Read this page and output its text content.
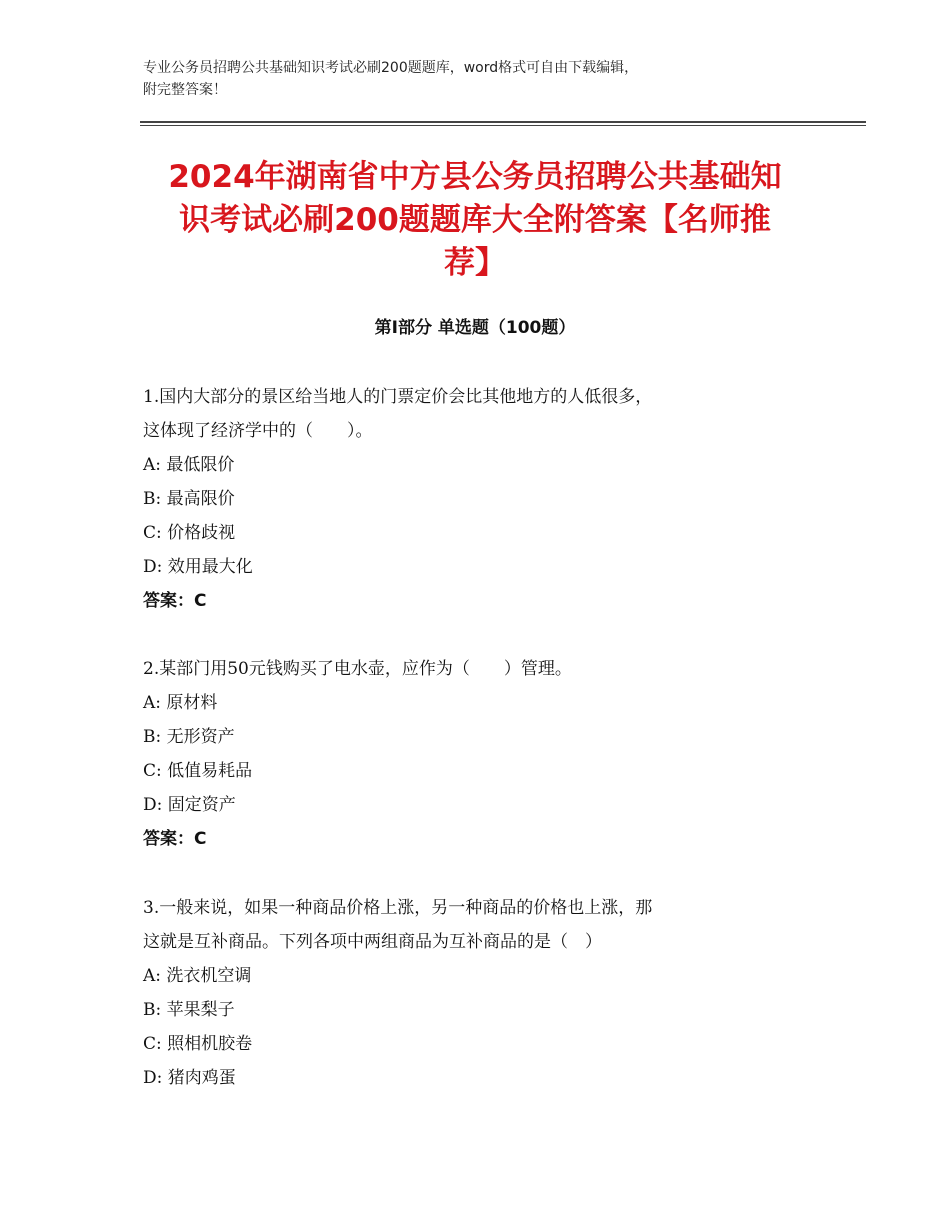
专业公务员招聘公共基础知识考试必刷200题题库，word格式可自由下载编辑，
附完整答案！
2024年湖南省中方县公务员招聘公共基础知
识考试必刷200题题库大全附答案【名师推
荐】
第Ⅰ部分 单选题（100题）
1.国内大部分的景区给当地人的门票定价会比其他地方的人低很多，
这体现了经济学中的（　　）。
A: 最低限价
B: 最高限价
C: 价格歧视
D: 效用最大化
答案：C
2.某部门用50元钱购买了电水壶，应作为（　　）管理。
A: 原材料
B: 无形资产
C: 低值易耗品
D: 固定资产
答案：C
3.一般来说，如果一种商品价格上涨，另一种商品的价格也上涨，那
这就是互补商品。下列各项中两组商品为互补商品的是（　）
A: 洗衣机空调
B: 苹果梨子
C: 照相机胶卷
D: 猪肉鸡蛋
